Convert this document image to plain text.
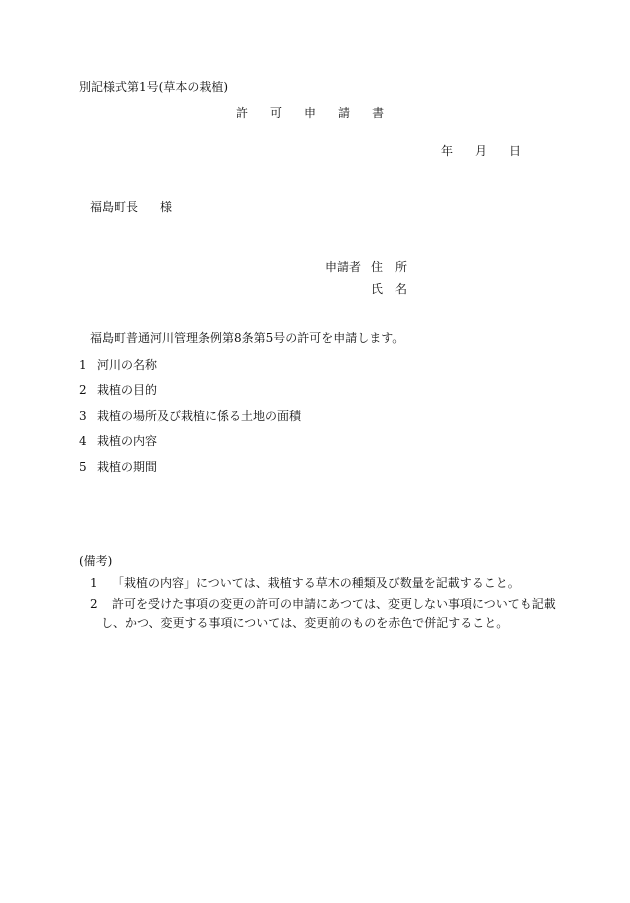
別記様式第1号(草本の栽植)
許 可 申 請 書
年 月 日
福島町長 様
申請者 住　所
氏　名
福島町普通河川管理条例第8条第5号の許可を申請します。
1 河川の名称
2 栽植の目的
3 栽植の場所及び栽植に係る土地の面積
4 栽植の内容
5 栽植の期間
(備考)
1 「栽植の内容」については、栽植する草木の種類及び数量を記載すること。
2 許可を受けた事項の変更の許可の申請にあつては、変更しない事項についても記載
し、かつ、変更する事項については、変更前のものを赤色で併記すること。
